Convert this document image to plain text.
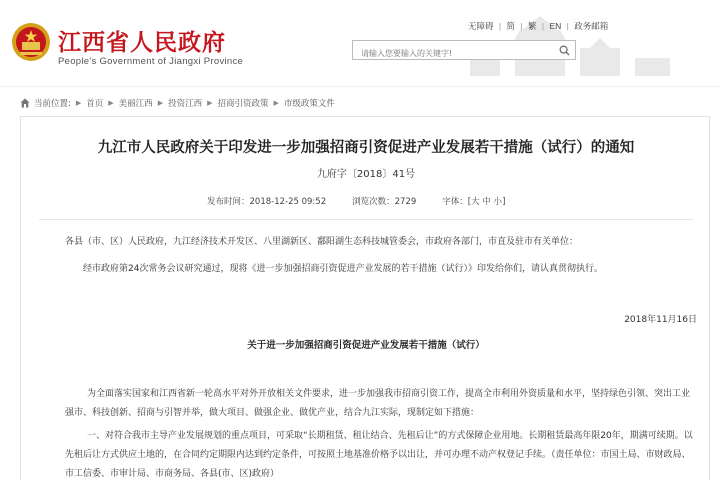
江西省人民政府
People's Government of Jiangxi Province
无障碍 | 简 | 繁 | EN | 政务邮箱
请输入您要输入的关键字!
当前位置: ▶ 首页 ▶ 美丽江西 ▶ 投资江西 ▶ 招商引资政策 ▶ 市级政策文件
九江市人民政府关于印发进一步加强招商引资促进产业发展若干措施（试行）的通知
九府字〔2018〕41号
发布时间：2018-12-25 09:52	浏览次数：2729	字体：[大 中 小]
各县（市、区）人民政府，九江经济技术开发区、八里湖新区、鄱阳湖生态科技城管委会，市政府各部门，市直及驻市有关单位：
经市政府第24次常务会议研究通过，现将《进一步加强招商引资促进产业发展的若干措施（试行）》印发给你们，请认真贯彻执行。
2018年11月16日
关于进一步加强招商引资促进产业发展若干措施（试行）
为全面落实国家和江西省新一轮高水平对外开放相关文件要求，进一步加强我市招商引资工作，提高全市利用外资质量和水平，坚持绿色引领、突出工业强市、科技创新、招商与引智并举，做大项目、做强企业、做优产业，结合九江实际，现制定如下措施：
一、对符合我市主导产业发展规划的重点项目，可采取“长期租赁、租让结合、先租后让”的方式保障企业用地。长期租赁最高年限20年，期满可续期。以先租后让方式供应土地的，在合同约定期限内达到约定条件，可按照土地基准价格予以出让，并可办理不动产权登记手续。（责任单位：市国土局、市财政局、市工信委、市审计局、市商务局、各县(市、区)政府）
